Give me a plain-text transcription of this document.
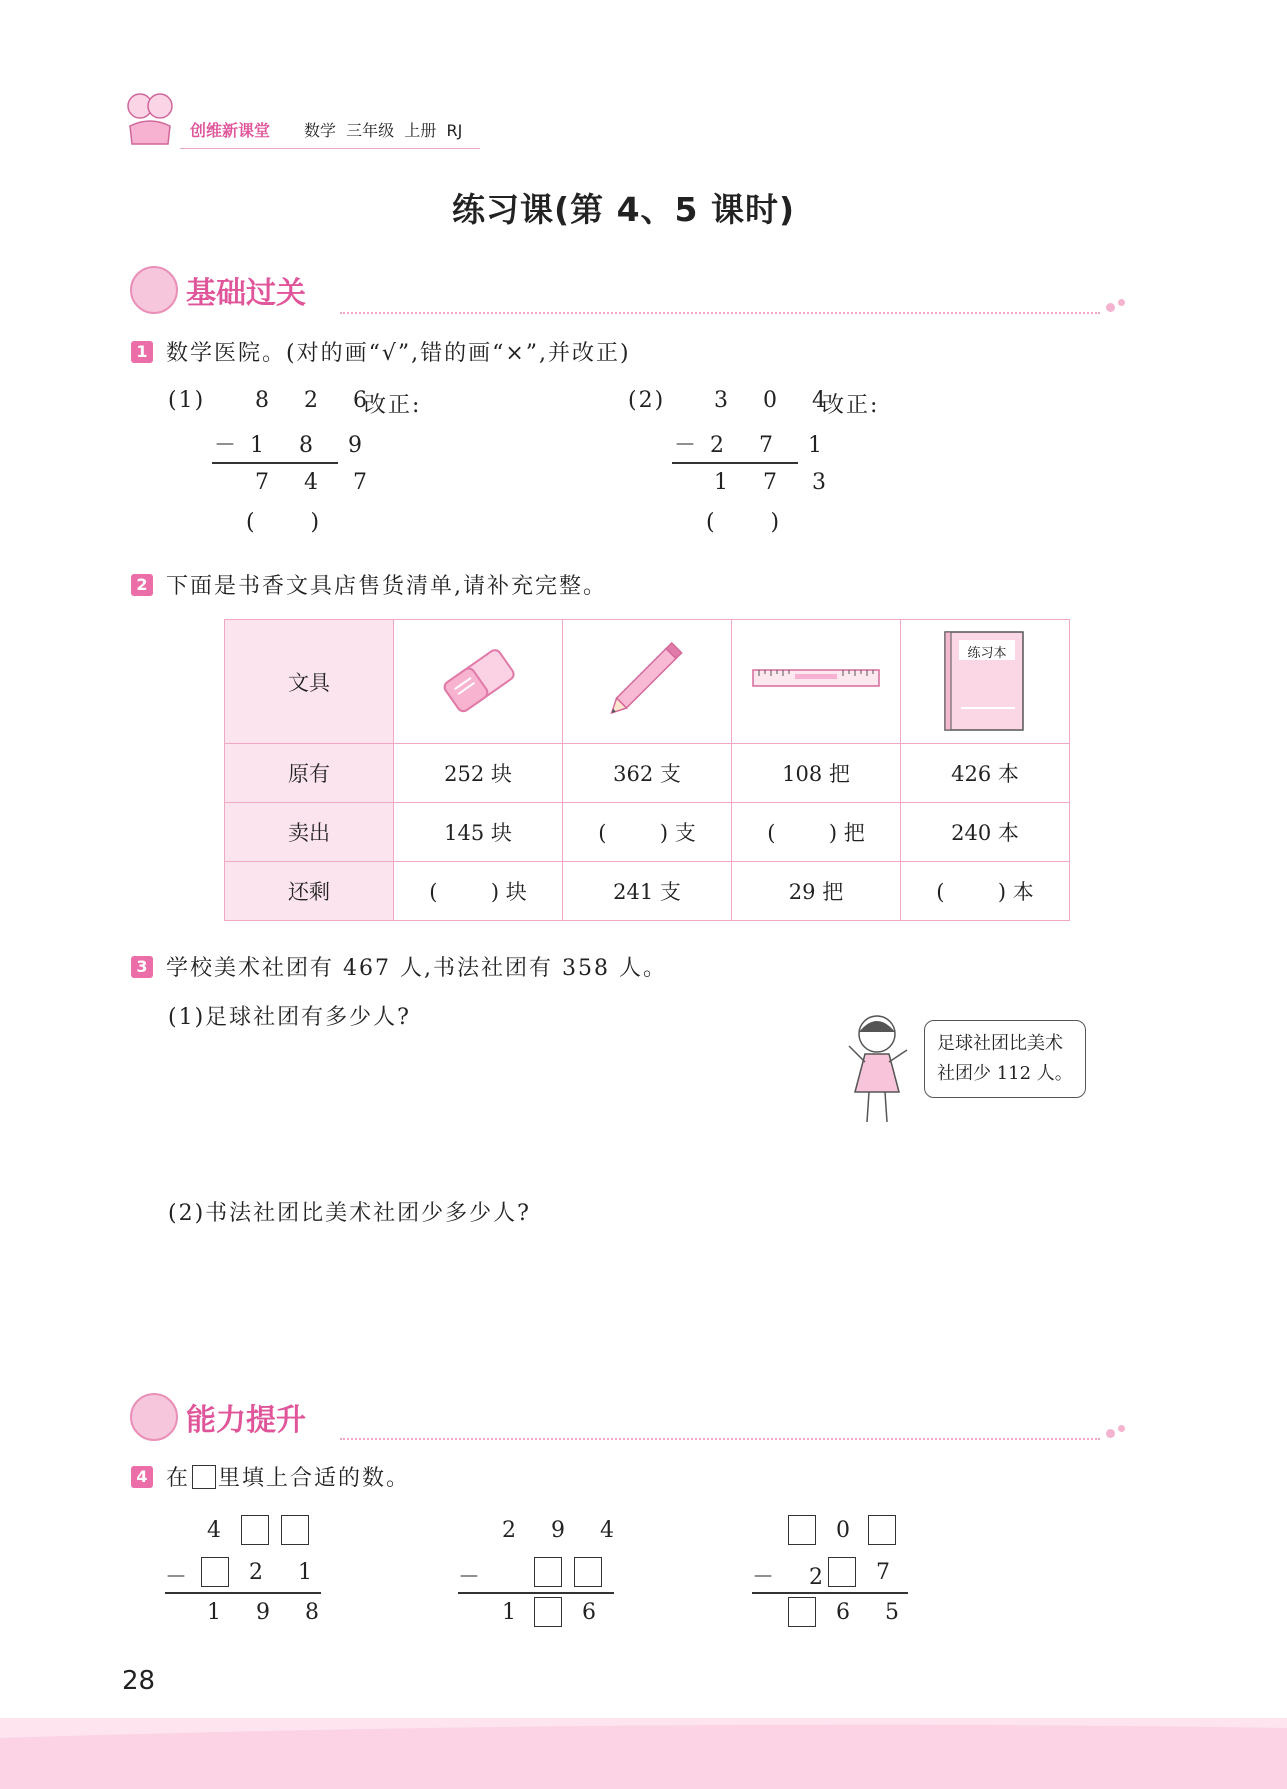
创维新课堂 数学  三年级  上册  RJ
练习课(第 4、5 课时)
基础过关
1 数学医院。(对的画“√”,错的画“×”,并改正)
(1) 8 2 6
改正:
－1 8 9
7 4 7
(      )
(2) 3 0 4
改正:
－2 7 1
1 7 3
(      )
2 下面是书香文具店售货清单,请补充完整。
文具				练习本

原有	252 块	362 支	108 把	426 本
卖出	145 块	(        ) 支	(        ) 把	240 本
还剩	(        ) 块	241 支	29 把	(        ) 本
3 学校美术社团有 467 人,书法社团有 358 人。
(1)足球社团有多少人?
足球社团比美术
社团少 112 人。
(2)书法社团比美术社团少多少人?
能力提升
4 在 里填上合适的数。
4
－ 2 1
1 9 8
2 9 4
－
1 6
0
－ 2 7
6 5
28
